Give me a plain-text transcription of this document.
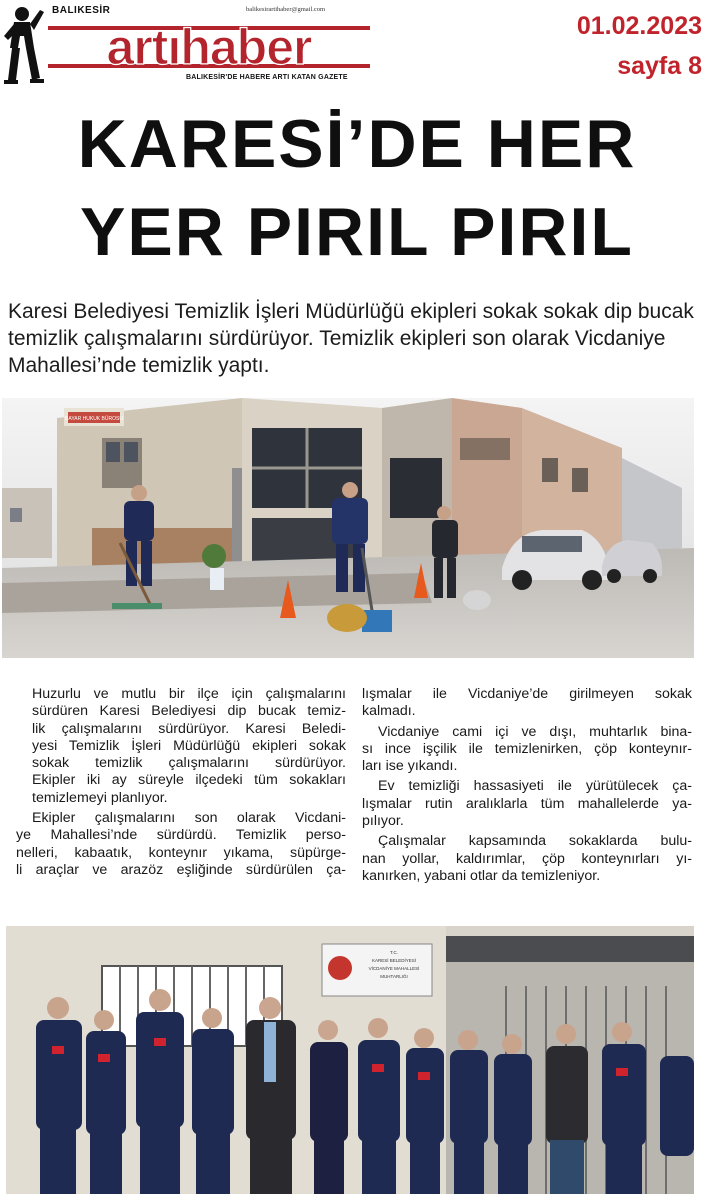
BALIKESİR	balikesirartihaber@gmail.com
artıhaber
BALIKESİR'DE HABERE ARTI KATAN GAZETE
01.02.2023
sayfa 8
KARESİ’DE HER
YER PIRIL PIRIL

Karesi Belediyesi Temizlik İşleri Müdürlüğü ekipleri sokak sokak dip bucak temizlik çalışmalarını sürdürüyor. Temizlik ekipleri son olarak Vicdaniye Mahallesi’nde temizlik yaptı.

BAYAR HUKUK BÜROSU

Huzurlu ve mutlu bir ilçe için çalışmalarını
sürdüren Karesi Belediyesi dip bucak temiz-
lik çalışmalarını sürdürüyor. Karesi Beledi-
yesi Temizlik İşleri Müdürlüğü ekipleri sokak
sokak temizlik çalışmalarını sürdürüyor.
Ekipler iki ay süreyle ilçedeki tüm sokakları
temizlemeyi planlıyor.

Ekipler çalışmalarını son olarak Vicdani-
ye Mahallesi’nde sürdürdü. Temizlik perso-
nelleri, kabaatık, konteynır yıkama, süpürge-
li araçlar ve arazöz eşliğinde sürdürülen ça-

lışmalar ile Vicdaniye’de girilmeyen sokak
kalmadı.

Vicdaniye cami içi ve dışı, muhtarlık bina-
sı ince işçilik ile temizlenirken, çöp konteynır-
ları ise yıkandı.

Ev temizliği hassasiyeti ile yürütülecek ça-
lışmalar rutin aralıklarla tüm mahallelerde ya-
pılıyor.

Çalışmalar kapsamında sokaklarda bulu-
nan yollar, kaldırımlar, çöp konteynırları yı-
kanırken, yabani otlar da temizleniyor.

T.C.
KARESİ BELEDİYESİ
VİCDANİYE MAHALLESİ
MUHTARLIĞI
